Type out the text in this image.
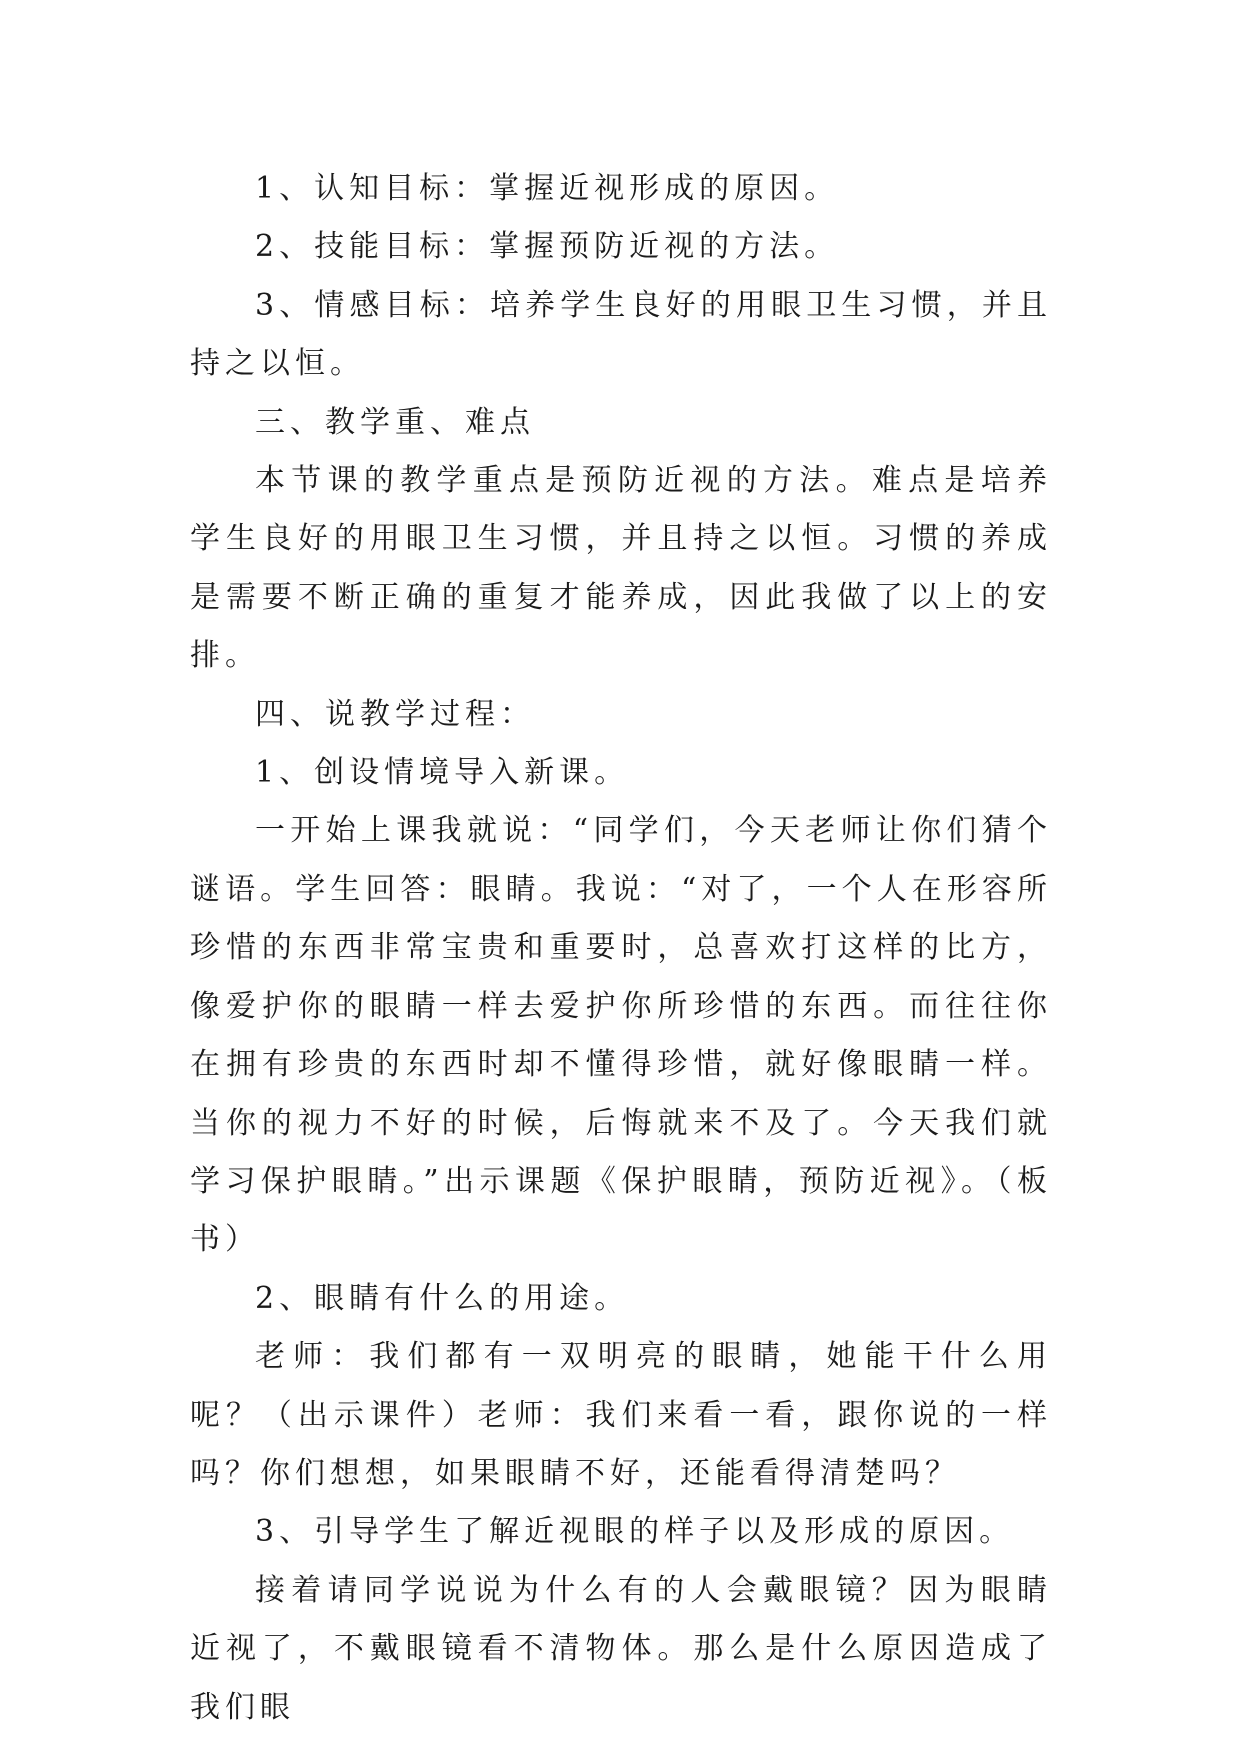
1、认知目标：掌握近视形成的原因。

2、技能目标：掌握预防近视的方法。

3、情感目标：培养学生良好的用眼卫生习惯，并且持之以恒。

三、教学重、难点

本节课的教学重点是预防近视的方法。难点是培养学生良好的用眼卫生习惯，并且持之以恒。习惯的养成是需要不断正确的重复才能养成，因此我做了以上的安排。

四、说教学过程：

1、创设情境导入新课。

一开始上课我就说：“同学们，今天老师让你们猜个谜语。学生回答：眼睛。我说：“对了，一个人在形容所珍惜的东西非常宝贵和重要时，总喜欢打这样的比方，像爱护你的眼睛一样去爱护你所珍惜的东西。而往往你在拥有珍贵的东西时却不懂得珍惜，就好像眼睛一样。当你的视力不好的时候，后悔就来不及了。今天我们就学习保护眼睛。”出示课题《保护眼睛，预防近视》。（板书）

2、眼睛有什么的用途。

老师：我们都有一双明亮的眼睛，她能干什么用呢？（出示课件）老师：我们来看一看，跟你说的一样吗？你们想想，如果眼睛不好，还能看得清楚吗？

3、引导学生了解近视眼的样子以及形成的原因。

接着请同学说说为什么有的人会戴眼镜？因为眼睛近视了，不戴眼镜看不清物体。那么是什么原因造成了我们眼
